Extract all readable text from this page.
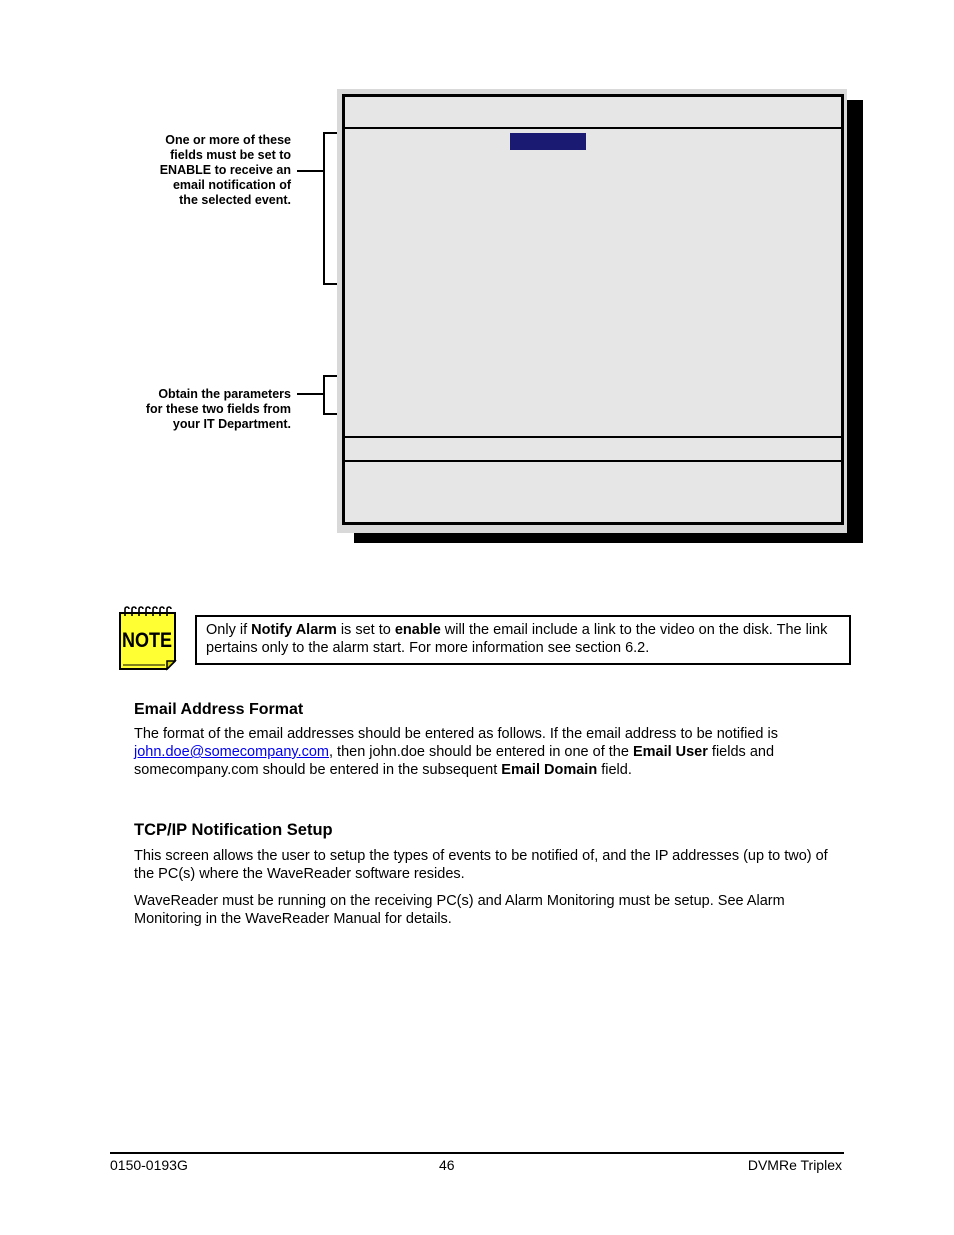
One or more of these
fields must be set to
ENABLE to receive an
email notification of
the selected event.
Obtain the parameters
for these two fields from
your IT Department.
NOTE	Only if Notify Alarm is set to enable will the email include a link to the video on the disk. The link pertains only to the alarm start. For more information see section 6.2.
Email Address Format
The format of the email addresses should be entered as follows. If the email address to be notified is john.doe@somecompany.com, then john.doe should be entered in one of the Email User fields and somecompany.com should be entered in the subsequent Email Domain field.
TCP/IP Notification Setup
This screen allows the user to setup the types of events to be notified of, and the IP addresses (up to two) of the PC(s) where the WaveReader software resides.
WaveReader must be running on the receiving PC(s) and Alarm Monitoring must be setup. See Alarm Monitoring in the WaveReader Manual for details.
0150-0193G	46	DVMRe Triplex
